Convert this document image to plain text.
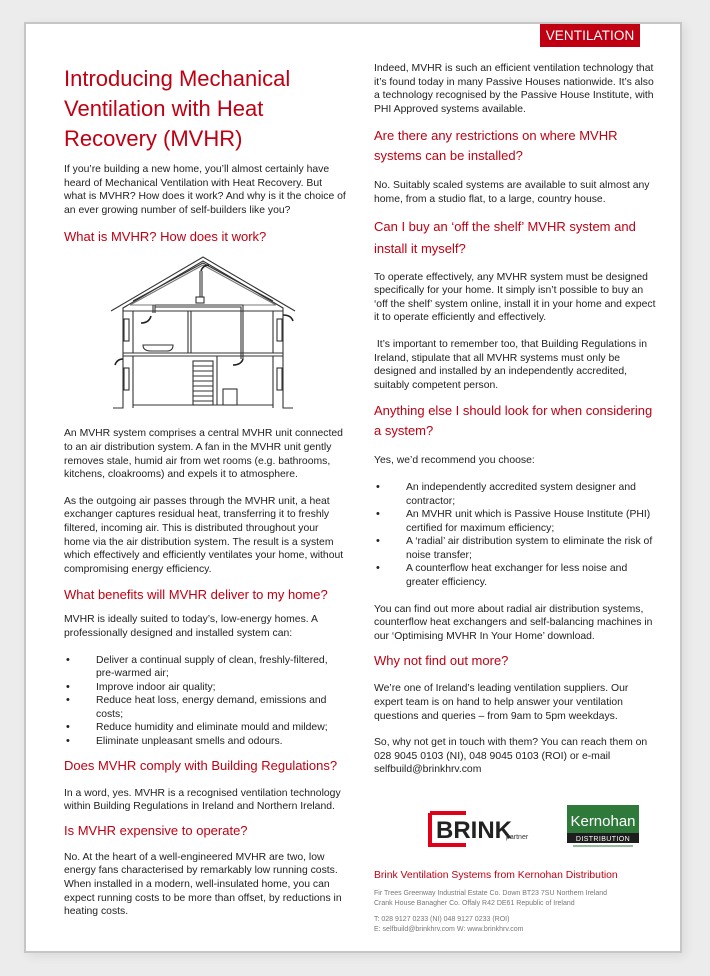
VENTILATION
Introducing Mechanical Ventilation with Heat Recovery (MVHR)

If you’re building a new home, you’ll almost certainly have heard of Mechanical Ventilation with Heat Recovery. But what is MVHR? How does it work? And why is it the choice of an ever growing number of self-builders like you?

What is MVHR? How does it work?

An MVHR system comprises a central MVHR unit connected to an air distribution system. A fan in the MVHR unit gently removes stale, humid air from wet rooms (e.g. bathrooms, kitchens, cloakrooms) and expels it to atmosphere.

As the outgoing air passes through the MVHR unit, a heat exchanger captures residual heat, transferring it to freshly filtered, incoming air. This is distributed throughout your home via the air distribution system. The result is a system which effectively and efficiently ventilates your home, without compromising energy efficiency.

What benefits will MVHR deliver to my home?

MVHR is ideally suited to today’s, low-energy homes. A professionally designed and installed system can:

• Deliver a continual supply of clean, freshly-filtered, pre-warmed air;
• Improve indoor air quality;
• Reduce heat loss, energy demand, emissions and costs;
• Reduce humidity and eliminate mould and mildew;
• Eliminate unpleasant smells and odours.
Does MVHR comply with Building Regulations?

In a word, yes. MVHR is a recognised ventilation technology within Building Regulations in Ireland and Northern Ireland.

Is MVHR expensive to operate?

No. At the heart of a well-engineered MVHR are two, low energy fans characterised by remarkably low running costs. When installed in a modern, well-insulated home, you can expect running costs to be more than offset, by reductions in heating costs.

Indeed, MVHR is such an efficient ventilation technology that it’s found today in many Passive Houses nationwide. It’s also a technology recognised by the Passive House Institute, with PHI Approved systems available.

Are there any restrictions on where MVHR systems can be installed?

No. Suitably scaled systems are available to suit almost any home, from a studio flat, to a large, country house.

Can I buy an ‘off the shelf’ MVHR system and install it myself?

To operate effectively, any MVHR system must be designed specifically for your home. It simply isn’t possible to buy an ‘off the shelf’ system online, install it in your home and expect it to operate efficiently and effectively.

It’s important to remember too, that Building Regulations in Ireland, stipulate that all MVHR systems must only be designed and installed by an independently accredited, suitably competent person.

Anything else I should look for when considering a system?

Yes, we’d recommend you choose:

• An independently accredited system designer and contractor;
• An MVHR unit which is Passive House Institute (PHI) certified for maximum efficiency;
• A ‘radial’ air distribution system to eliminate the risk of noise transfer;
• A counterflow heat exchanger for less noise and greater efficiency.

You can find out more about radial air distribution systems, counterflow heat exchangers and self-balancing machines in our ‘Optimising MVHR In Your Home’ download.

Why not find out more?

We’re one of Ireland’s leading ventilation suppliers. Our expert team is on hand to help answer your ventilation questions and queries – from 9am to 5pm weekdays.

So, why not get in touch with them? You can reach them on 028 9045 0103 (NI), 048 9045 0103 (ROI) or e-mail selfbuild@brinkhrv.com

BRINK
partner
Kernohan
DISTRIBUTION
Brink Ventilation Systems from Kernohan Distribution
Fir Trees Greenway Industrial Estate Co. Down BT23 7SU Northern Ireland
Crank House Banagher Co. Offaly R42 DE61 Republic of Ireland
T: 028 9127 0233 (NI) 048 9127 0233 (ROI)
E: selfbuild@brinkhrv.com W: www.brinkhrv.com
